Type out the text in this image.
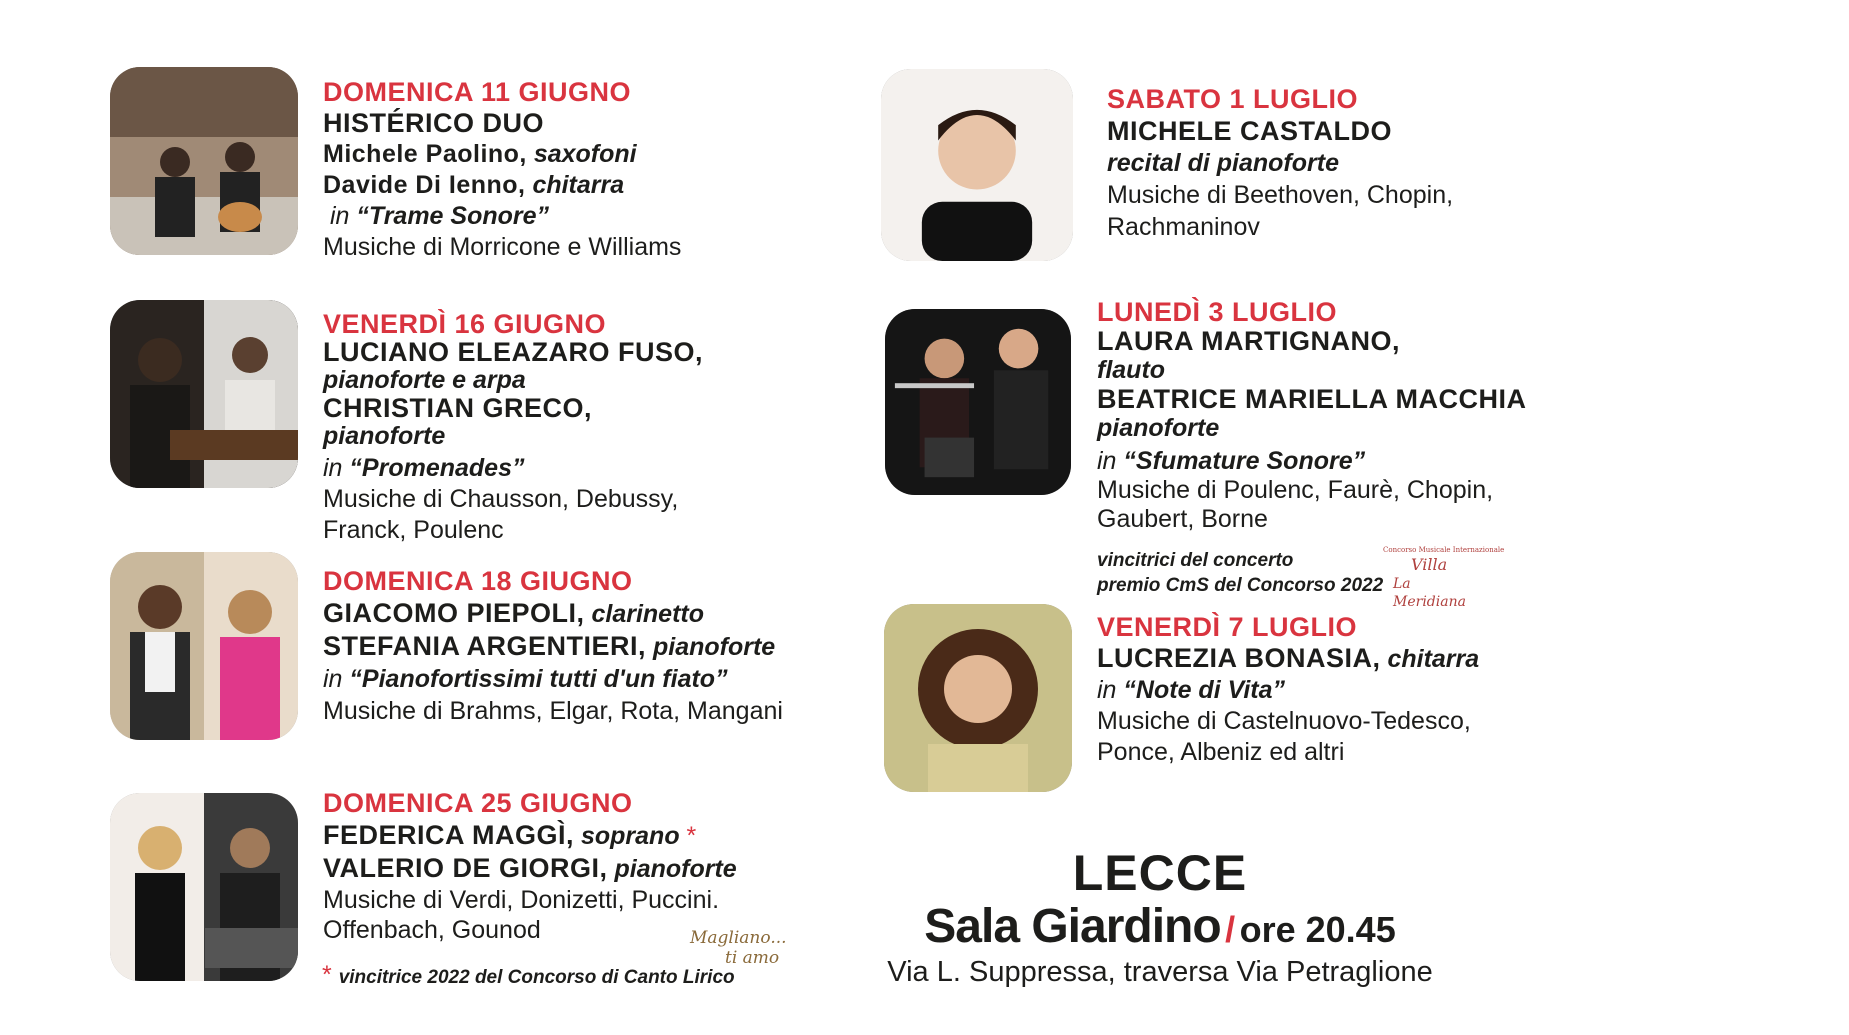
DOMENICA 11 GIUGNO
HISTÉRICO DUO
Michele Paolino, saxofoni
Davide Di Ienno, chitarra
in “Trame Sonore”
Musiche di Morricone e Williams
VENERDÌ 16 GIUGNO
LUCIANO ELEAZARO FUSO,
pianoforte e arpa
CHRISTIAN GRECO,
pianoforte
in “Promenades”
Musiche di Chausson, Debussy,
Franck, Poulenc
DOMENICA 18 GIUGNO
GIACOMO PIEPOLI, clarinetto
STEFANIA ARGENTIERI, pianoforte
in “Pianofortissimi tutti d'un fiato”
Musiche di Brahms, Elgar, Rota, Mangani
DOMENICA 25 GIUGNO
FEDERICA MAGGÌ, soprano *
VALERIO DE GIORGI, pianoforte
Musiche di Verdi, Donizetti, Puccini.
Offenbach, Gounod
* vincitrice 2022 del Concorso di Canto Lirico
Magliano...
ti amo
SABATO 1 LUGLIO
MICHELE CASTALDO
recital di pianoforte
Musiche di Beethoven, Chopin,
Rachmaninov
LUNEDÌ 3 LUGLIO
LAURA MARTIGNANO,
flauto
BEATRICE MARIELLA MACCHIA
pianoforte
in “Sfumature Sonore”
Musiche di Poulenc, Faurè, Chopin,
Gaubert, Borne
vincitrici del concerto
premio CmS del Concorso 2022
Concorso Musicale Internazionale
Villa
La Meridiana
VENERDÌ 7 LUGLIO
LUCREZIA BONASIA, chitarra
in “Note di Vita”
Musiche di Castelnuovo-Tedesco,
Ponce, Albeniz ed altri
LECCE
Sala Giardino / ore 20.45
Via L. Suppressa, traversa Via Petraglione
